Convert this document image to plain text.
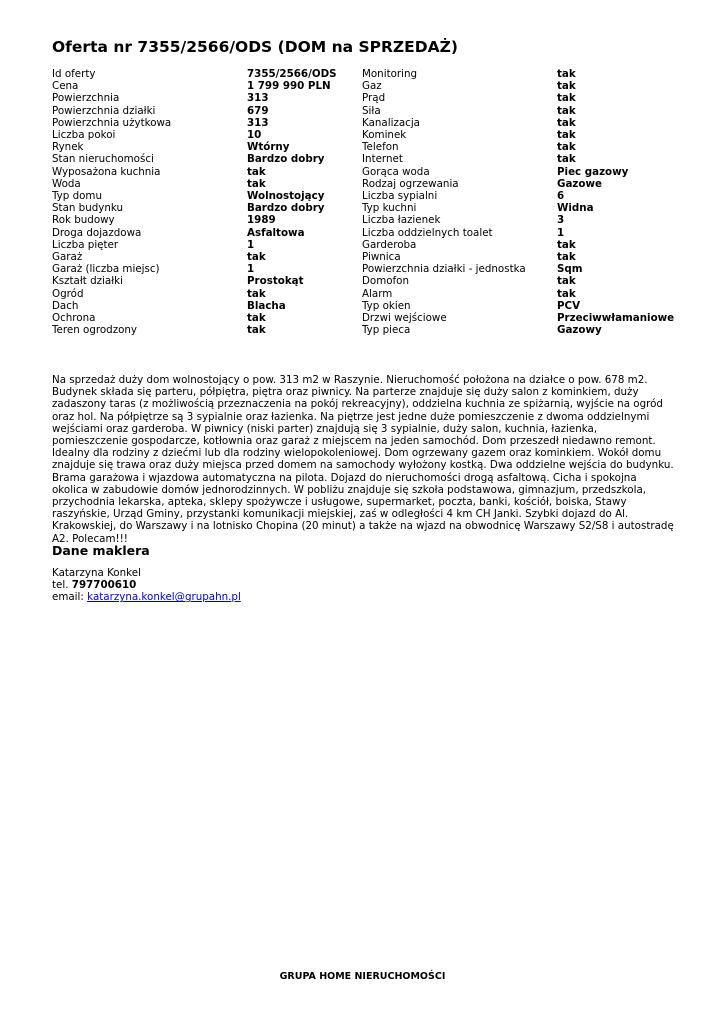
Oferta nr 7355/2566/ODS (DOM na SPRZEDAŻ)
Id oferty	7355/2566/ODS	Monitoring	tak
Cena	1 799 990 PLN	Gaz	tak
Powierzchnia	313	Prąd	tak
Powierzchnia działki	679	Siła	tak
Powierzchnia użytkowa	313	Kanalizacja	tak
Liczba pokoi	10	Kominek	tak
Rynek	Wtórny	Telefon	tak
Stan nieruchomości	Bardzo dobry	Internet	tak
Wyposażona kuchnia	tak	Gorąca woda	Piec gazowy
Woda	tak	Rodzaj ogrzewania	Gazowe
Typ domu	Wolnostojący	Liczba sypialni	6
Stan budynku	Bardzo dobry	Typ kuchni	Widna
Rok budowy	1989	Liczba łazienek	3
Droga dojazdowa	Asfaltowa	Liczba oddzielnych toalet	1
Liczba pięter	1	Garderoba	tak
Garaż	tak	Piwnica	tak
Garaż (liczba miejsc)	1	Powierzchnia działki - jednostka	Sqm
Kształt działki	Prostokąt	Domofon	tak
Ogród	tak	Alarm	tak
Dach	Blacha	Typ okien	PCV
Ochrona	tak	Drzwi wejściowe	Przeciwwłamaniowe
Teren ogrodzony	tak	Typ pieca	Gazowy

Na sprzedaż duży dom wolnostojący o pow. 313 m2 w Raszynie. Nieruchomość położona na działce o pow. 678 m2. Budynek składa się parteru, półpiętra, piętra oraz piwnicy. Na parterze znajduje się duży salon z kominkiem, duży zadaszony taras (z możliwością przeznaczenia na pokój rekreacyjny), oddzielna kuchnia ze spiżarnią, wyjście na ogród oraz hol. Na półpiętrze są 3 sypialnie oraz łazienka. Na piętrze jest jedne duże pomieszczenie z dwoma oddzielnymi wejściami oraz garderoba. W piwnicy (niski parter) znajdują się 3 sypialnie, duży salon, kuchnia, łazienka, pomieszczenie gospodarcze, kotłownia oraz garaż z miejscem na jeden samochód. Dom przeszedł niedawno remont. Idealny dla rodziny z dziećmi lub dla rodziny wielopokoleniowej. Dom ogrzewany gazem oraz kominkiem. Wokół domu znajduje się trawa oraz duży miejsca przed domem na samochody wyłożony kostką. Dwa oddzielne wejścia do budynku. Brama garażowa i wjazdowa automatyczna na pilota. Dojazd do nieruchomości drogą asfaltową. Cicha i spokojna okolica w zabudowie domów jednorodzinnych. W pobliżu znajduje się szkoła podstawowa, gimnazjum, przedszkola, przychodnia lekarska, apteka, sklepy spożywcze i usługowe, supermarket, poczta, banki, kościół, boiska, Stawy raszyńskie, Urząd Gminy, przystanki komunikacji miejskiej, zaś w odległości 4 km CH Janki. Szybki dojazd do Al. Krakowskiej, do Warszawy i na lotnisko Chopina (20 minut) a także na wjazd na obwodnicę Warszawy S2/S8 i autostradę A2. Polecam!!!

Dane maklera
Katarzyna Konkel
tel. 797700610
email: katarzyna.konkel@grupahn.pl
GRUPA HOME NIERUCHOMOŚCI
